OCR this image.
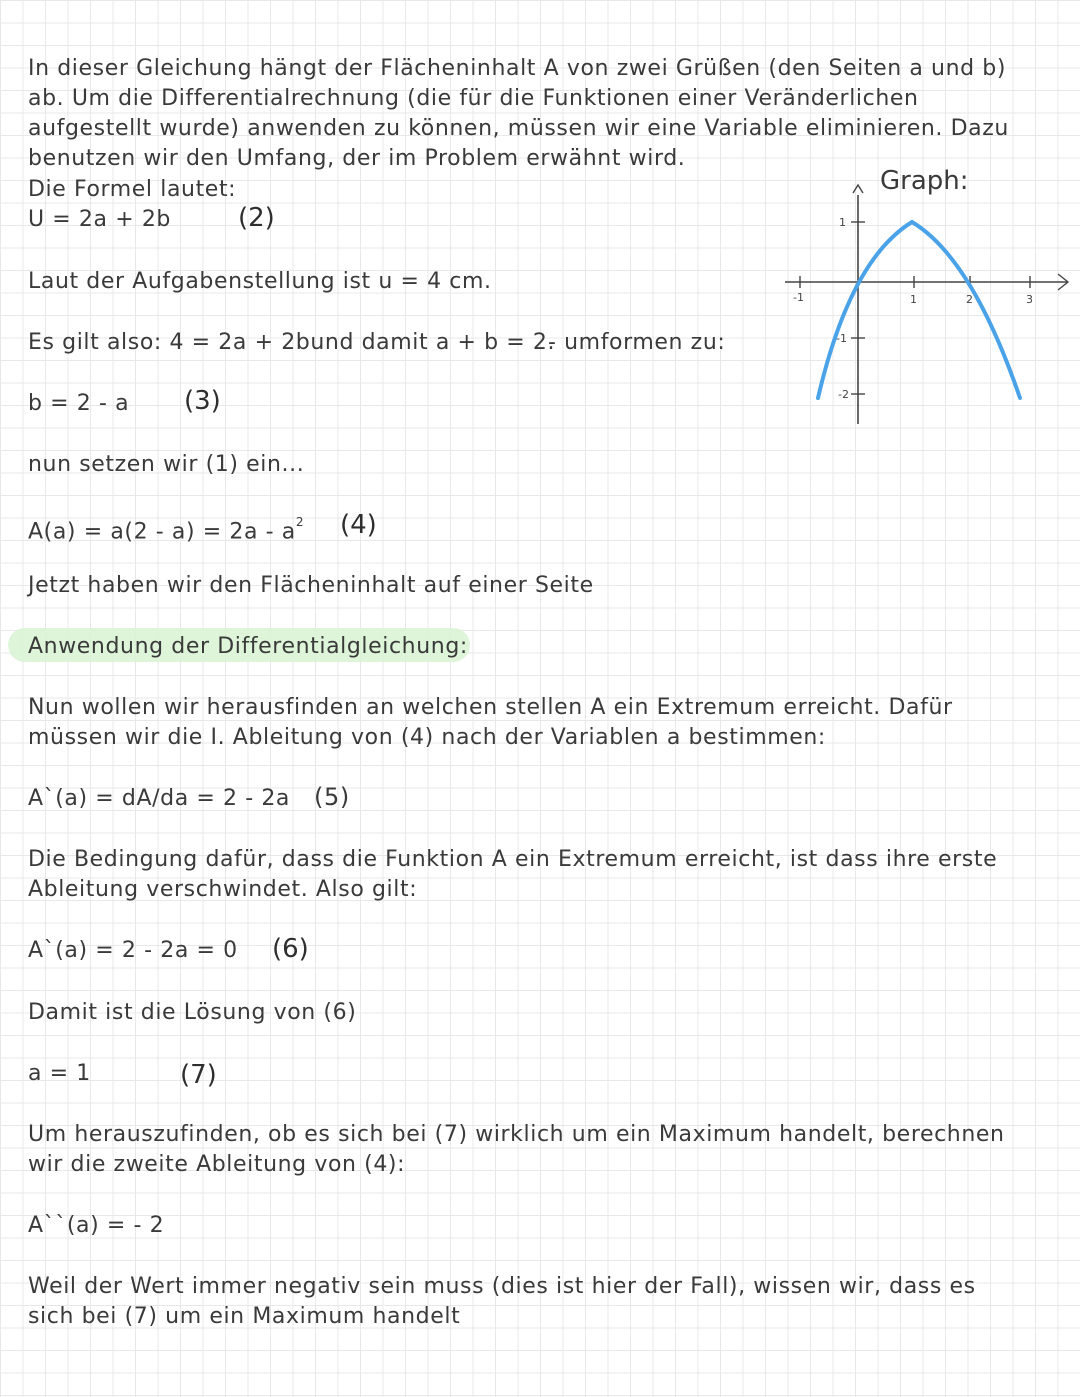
In dieser Gleichung hängt der Flächeninhalt A von zwei Grüßen (den Seiten a und b)
ab. Um die Differentialrechnung (die für die Funktionen einer Veränderlichen
aufgestellt wurde) anwenden zu können, müssen wir eine Variable eliminieren. Dazu
benutzen wir den Umfang, der im Problem erwähnt wird.
Die Formel lautet:
U = 2a + 2b	(2)
Laut der Aufgabenstellung ist u = 4 cm.
Es gilt also: 4 = 2a + 2bund damit a + b = 2.
- umformen zu:
b = 2 - a (3)
nun setzen wir (1) ein...
$A(a) = a(2 - a) = 2a - a^2$ (4)
Jetzt haben wir den Flächeninhalt auf einer Seite
Anwendung der Differentialgleichung:
Nun wollen wir herausfinden an welchen stellen A ein Extremum erreicht. Dafür
müssen wir die I. Ableitung von (4) nach der Variablen a bestimmen:
A`(a) = dA/da = 2 - 2a (5)
Die Bedingung dafür, dass die Funktion A ein Extremum erreicht, ist dass ihre erste
Ableitung verschwindet. Also gilt:
A`(a) = 2 - 2a = 0 (6)
Damit ist die Lösung von (6)
a = 1	(7)
Um herauszufinden, ob es sich bei (7) wirklich um ein Maximum handelt, berechnen
wir die zweite Ableitung von (4):
A``(a) = - 2
Weil der Wert immer negativ sein muss (dies ist hier der Fall), wissen wir, dass es
sich bei (7) um ein Maximum handelt
Graph:
-1	1	2	3
1
-1
-2
